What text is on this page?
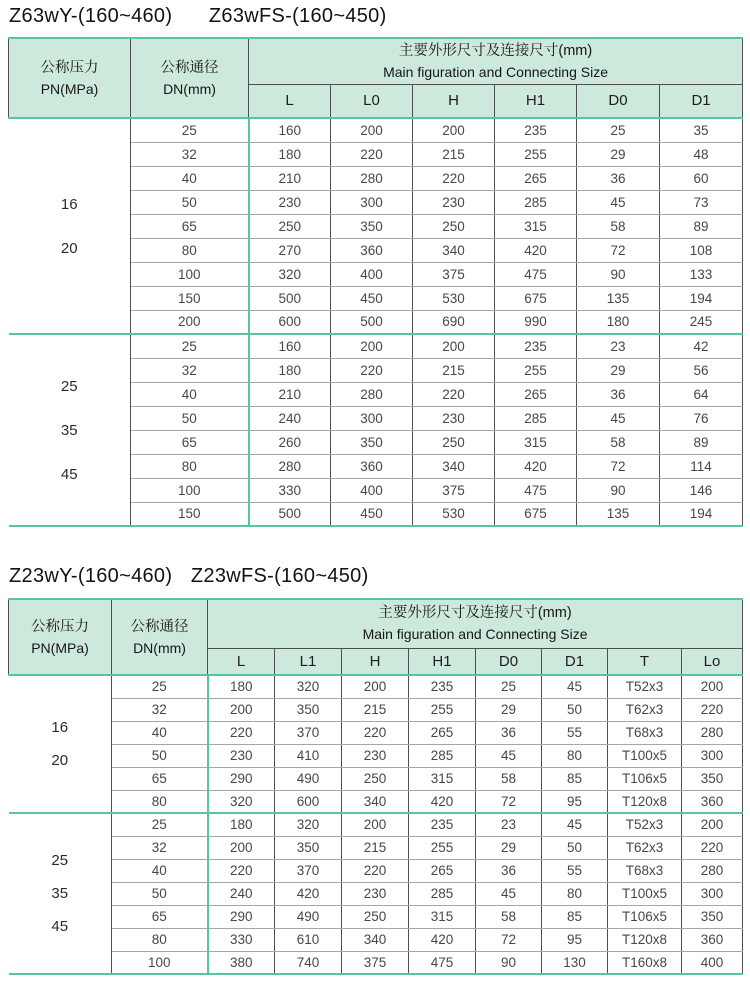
Z63wY-(160~460) Z63wFS-(160~450)
公称压力
PN(MPa)

公称通径
DN(mm)

主要外形尺寸及连接尺寸(mm)
Main figuration and Connecting Size

		L	L0	H	H1	D0	D1

16
20	25	160	200	200	235	25	35
	32	180	220	215	255	29	48
	40	210	280	220	265	36	60
	50	230	300	230	285	45	73
	65	250	350	250	315	58	89
	80	270	360	340	420	72	108
	100	320	400	375	475	90	133
	150	500	450	530	675	135	194
	200	600	500	690	990	180	245

25
35
45	25	160	200	200	235	23	42
	32	180	220	215	255	29	56
	40	210	280	220	265	36	64
	50	240	300	230	285	45	76
	65	260	350	250	315	58	89
	80	280	360	340	420	72	114
	100	330	400	375	475	90	146
	150	500	450	530	675	135	194
Z23wY-(160~460) Z23wFS-(160~450)
公称压力
PN(MPa)

公称通径
DN(mm)

主要外形尺寸及连接尺寸(mm)
Main figuration and Connecting Size

		L	L1	H	H1	D0	D1	T	Lo

16
20	25	180	320	200	235	25	45	T52x3	200
	32	200	350	215	255	29	50	T62x3	220
	40	220	370	220	265	36	55	T68x3	280
	50	230	410	230	285	45	80	T100x5	300
	65	290	490	250	315	58	85	T106x5	350
	80	320	600	340	420	72	95	T120x8	360

25
35
45	25	180	320	200	235	23	45	T52x3	200
	32	200	350	215	255	29	50	T62x3	220
	40	220	370	220	265	36	55	T68x3	280
	50	240	420	230	285	45	80	T100x5	300
	65	290	490	250	315	58	85	T106x5	350
	80	330	610	340	420	72	95	T120x8	360
	100	380	740	375	475	90	130	T160x8	400
